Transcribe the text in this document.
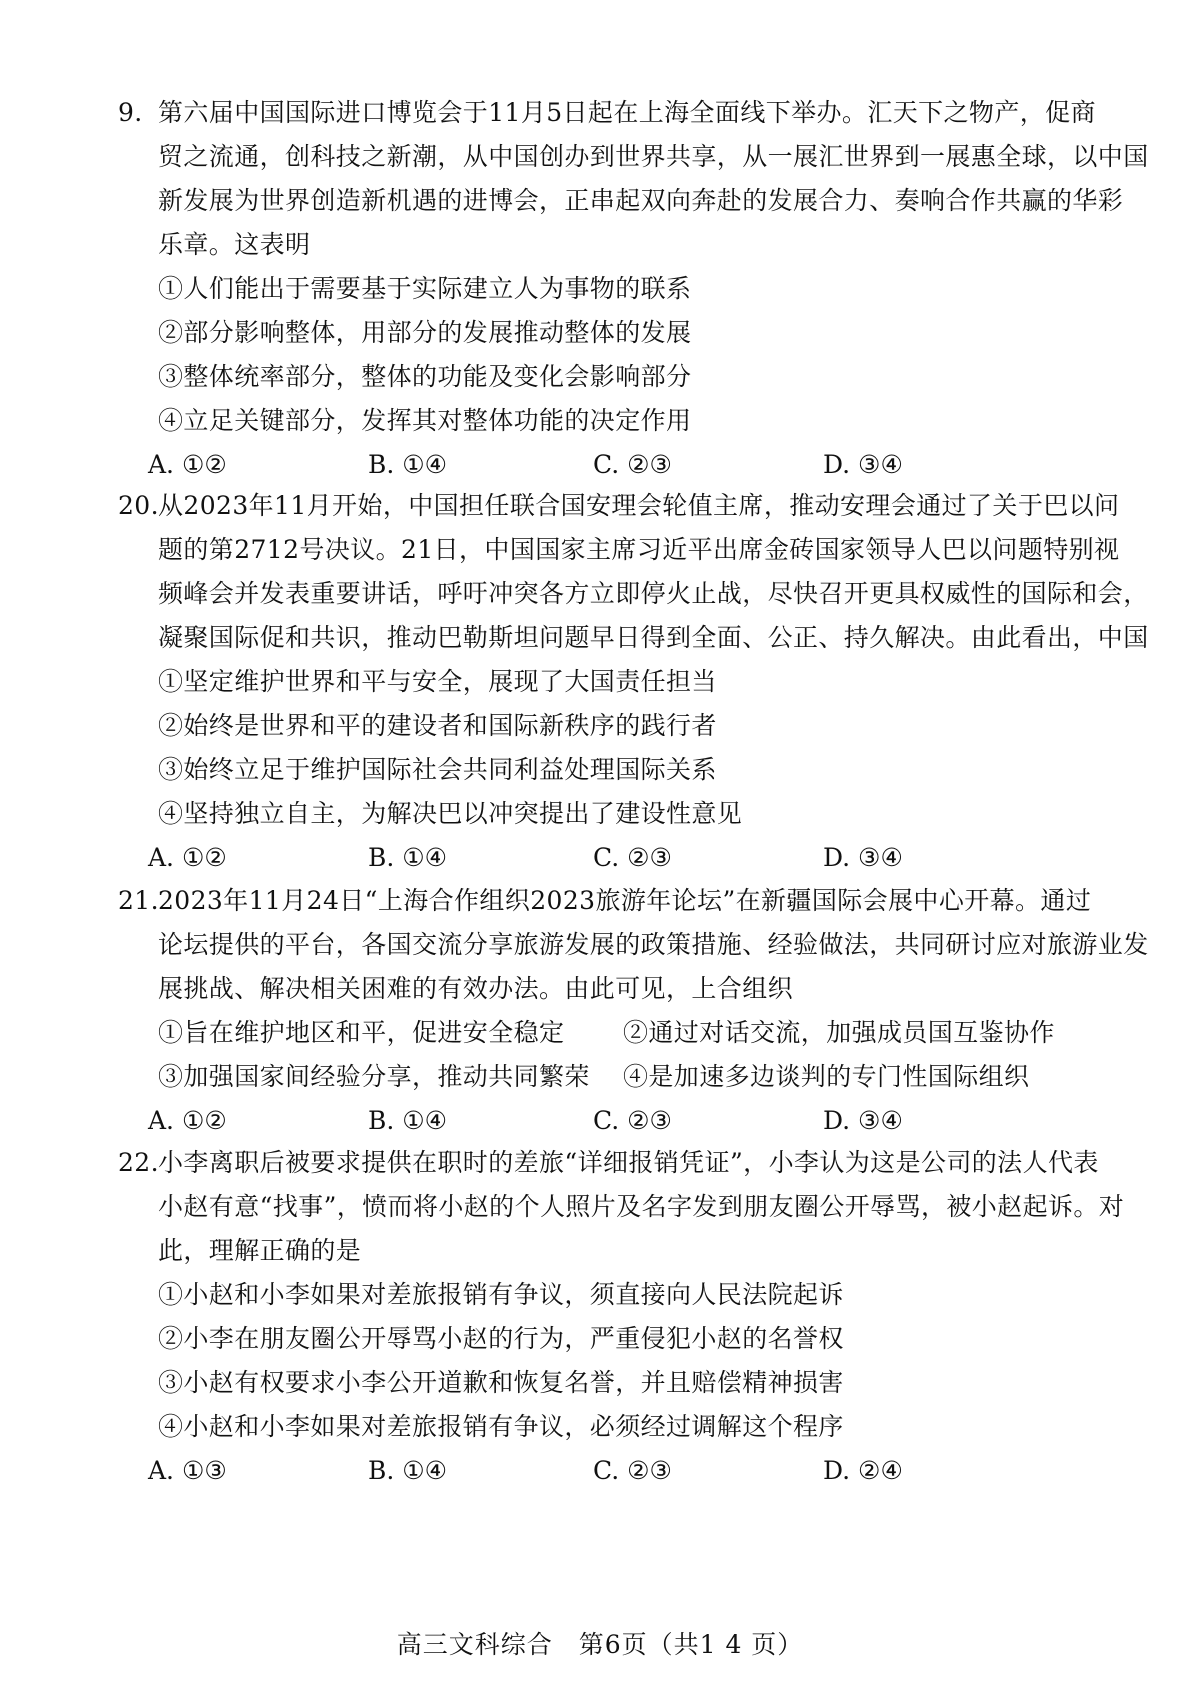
9. 第六届中国国际进口博览会于11月5日起在上海全面线下举办。汇天下之物产，促商
贸之流通，创科技之新潮，从中国创办到世界共享，从一展汇世界到一展惠全球，以中国
新发展为世界创造新机遇的进博会，正串起双向奔赴的发展合力、奏响合作共赢的华彩
乐章。这表明
①人们能出于需要基于实际建立人为事物的联系
②部分影响整体，用部分的发展推动整体的发展
③整体统率部分，整体的功能及变化会影响部分
④立足关键部分，发挥其对整体功能的决定作用
A. ①②	B. ①④	C. ②③	D. ③④
20. 从2023年11月开始，中国担任联合国安理会轮值主席，推动安理会通过了关于巴以问
题的第2712号决议。21日，中国国家主席习近平出席金砖国家领导人巴以问题特别视
频峰会并发表重要讲话，呼吁冲突各方立即停火止战，尽快召开更具权威性的国际和会，
凝聚国际促和共识，推动巴勒斯坦问题早日得到全面、公正、持久解决。由此看出，中国
①坚定维护世界和平与安全，展现了大国责任担当
②始终是世界和平的建设者和国际新秩序的践行者
③始终立足于维护国际社会共同利益处理国际关系
④坚持独立自主，为解决巴以冲突提出了建设性意见
A. ①②	B. ①④	C. ②③	D. ③④
21. 2023年11月24日“上海合作组织2023旅游年论坛”在新疆国际会展中心开幕。通过
论坛提供的平台，各国交流分享旅游发展的政策措施、经验做法，共同研讨应对旅游业发
展挑战、解决相关困难的有效办法。由此可见，上合组织
①旨在维护地区和平，促进安全稳定 ②通过对话交流，加强成员国互鉴协作
③加强国家间经验分享，推动共同繁荣 ④是加速多边谈判的专门性国际组织
A. ①②	B. ①④	C. ②③	D. ③④
22. 小李离职后被要求提供在职时的差旅“详细报销凭证”，小李认为这是公司的法人代表
小赵有意“找事”，愤而将小赵的个人照片及名字发到朋友圈公开辱骂，被小赵起诉。对
此，理解正确的是
①小赵和小李如果对差旅报销有争议，须直接向人民法院起诉
②小李在朋友圈公开辱骂小赵的行为，严重侵犯小赵的名誉权
③小赵有权要求小李公开道歉和恢复名誉，并且赔偿精神损害
④小赵和小李如果对差旅报销有争议，必须经过调解这个程序
A. ①③	B. ①④	C. ②③	D. ②④
高三文科综合　第6页（共1 4 页）
